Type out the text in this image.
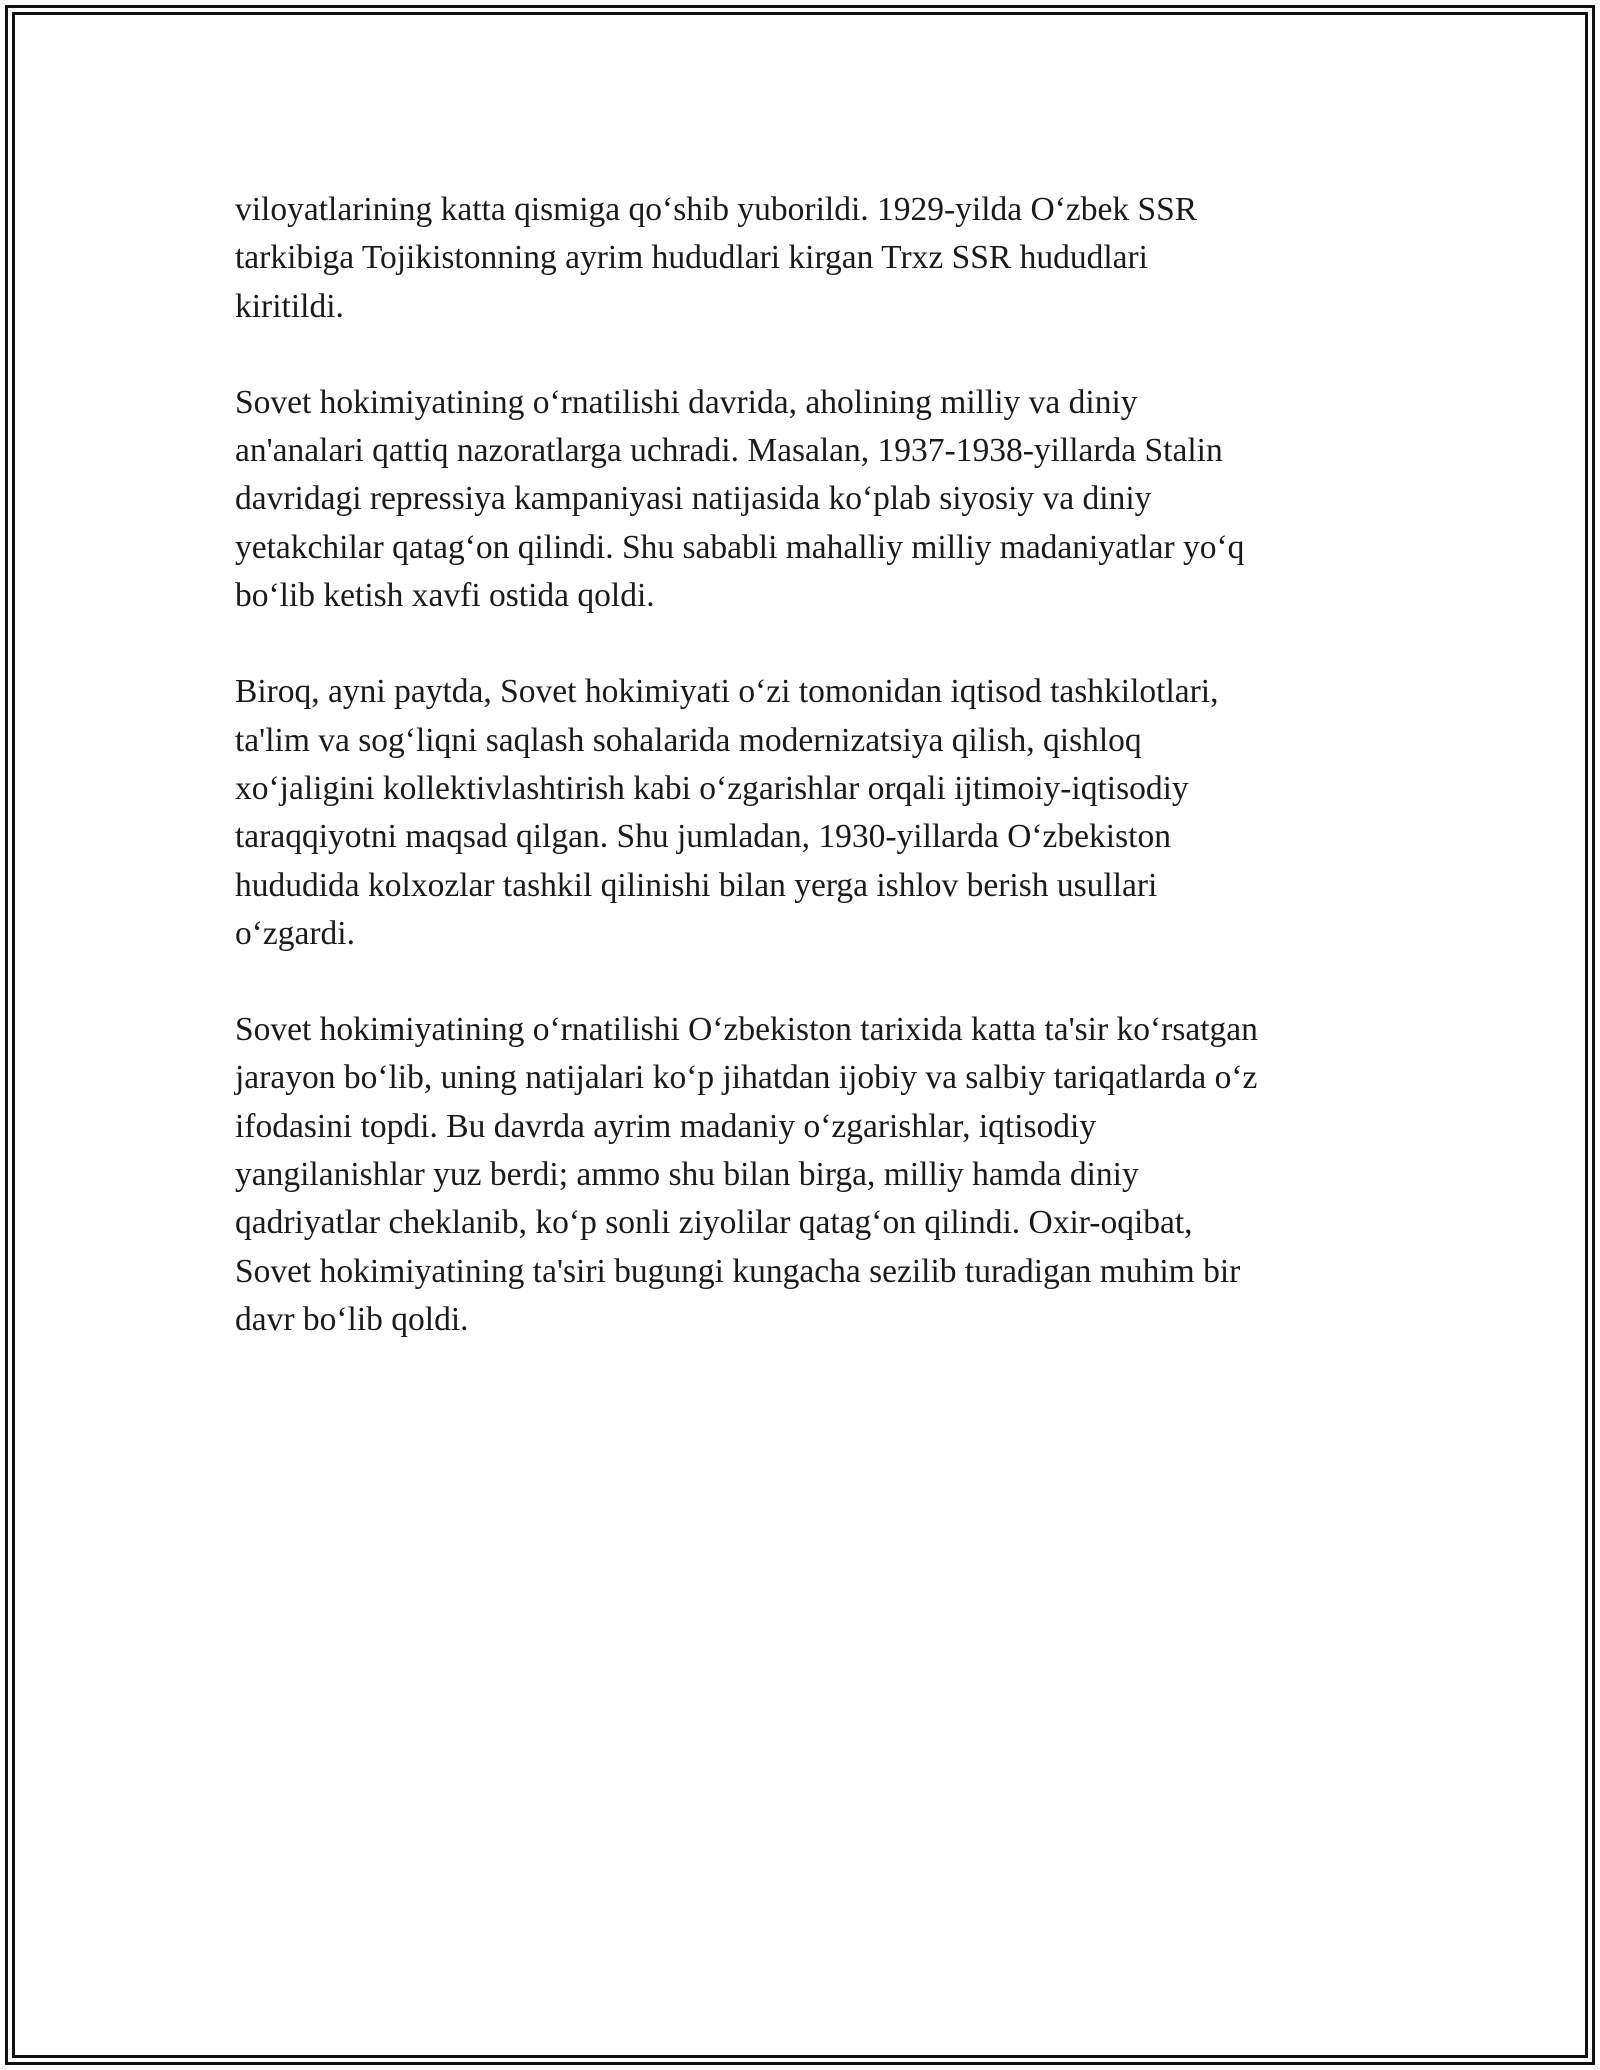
viloyatlarining katta qismiga qo‘shib yuborildi. 1929-yilda O‘zbek SSR
tarkibiga Tojikistonning ayrim hududlari kirgan Trxz SSR hududlari
kiritildi.

Sovet hokimiyatining o‘rnatilishi davrida, aholining milliy va diniy
an'analari qattiq nazoratlarga uchradi. Masalan, 1937-1938-yillarda Stalin
davridagi repressiya kampaniyasi natijasida ko‘plab siyosiy va diniy
yetakchilar qatag‘on qilindi. Shu sababli mahalliy milliy madaniyatlar yo‘q
bo‘lib ketish xavfi ostida qoldi.

Biroq, ayni paytda, Sovet hokimiyati o‘zi tomonidan iqtisod tashkilotlari,
ta'lim va sog‘liqni saqlash sohalarida modernizatsiya qilish, qishloq
xo‘jaligini kollektivlashtirish kabi o‘zgarishlar orqali ijtimoiy-iqtisodiy
taraqqiyotni maqsad qilgan. Shu jumladan, 1930-yillarda O‘zbekiston
hududida kolxozlar tashkil qilinishi bilan yerga ishlov berish usullari
o‘zgardi.

Sovet hokimiyatining o‘rnatilishi O‘zbekiston tarixida katta ta'sir ko‘rsatgan
jarayon bo‘lib, uning natijalari ko‘p jihatdan ijobiy va salbiy tariqatlarda o‘z
ifodasini topdi. Bu davrda ayrim madaniy o‘zgarishlar, iqtisodiy
yangilanishlar yuz berdi; ammo shu bilan birga, milliy hamda diniy
qadriyatlar cheklanib, ko‘p sonli ziyolilar qatag‘on qilindi. Oxir-oqibat,
Sovet hokimiyatining ta'siri bugungi kungacha sezilib turadigan muhim bir
davr bo‘lib qoldi.
